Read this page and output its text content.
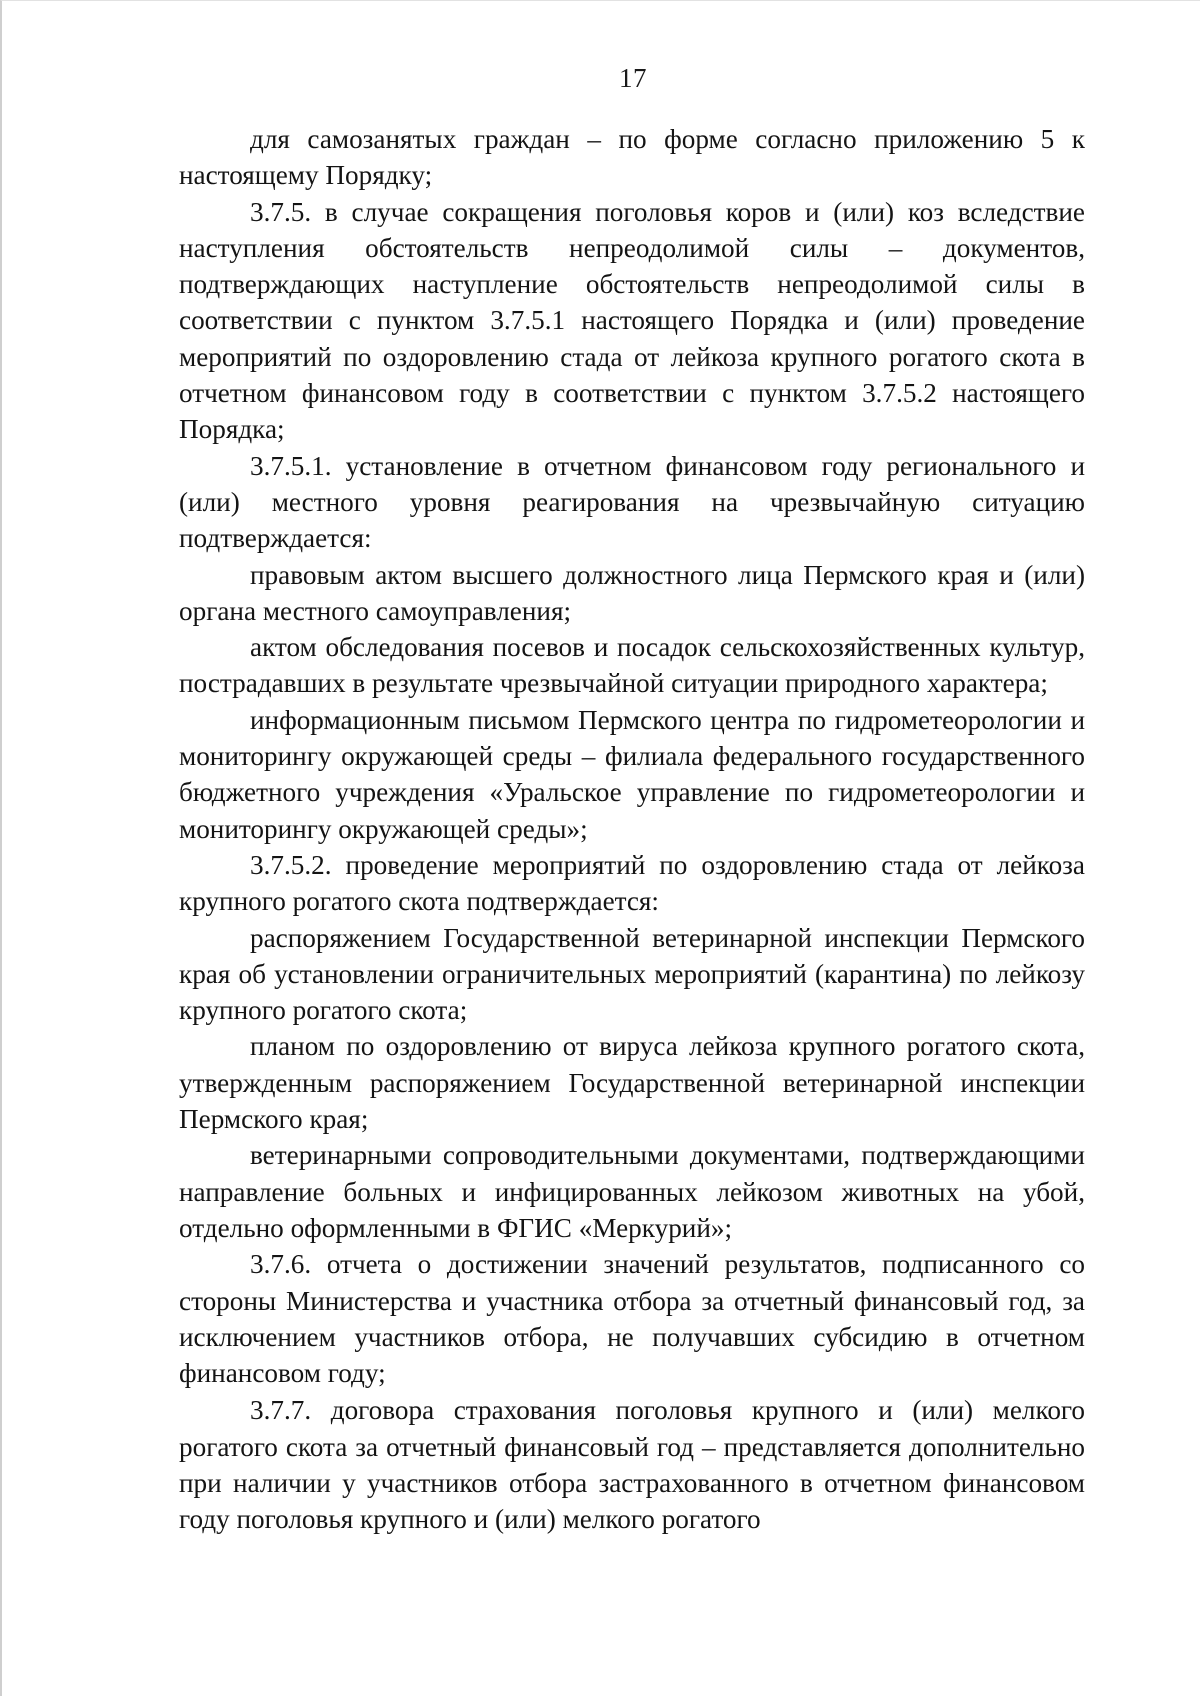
17

для самозанятых граждан – по форме согласно приложению 5 к настоящему Порядку;

3.7.5. в случае сокращения поголовья коров и (или) коз вследствие наступления обстоятельств непреодолимой силы – документов, подтверждающих наступление обстоятельств непреодолимой силы в соответствии с пунктом 3.7.5.1 настоящего Порядка и (или) проведение мероприятий по оздоровлению стада от лейкоза крупного рогатого скота в отчетном финансовом году в соответствии с пунктом 3.7.5.2 настоящего Порядка;

3.7.5.1. установление в отчетном финансовом году регионального и (или) местного уровня реагирования на чрезвычайную ситуацию подтверждается:

правовым актом высшего должностного лица Пермского края и (или) органа местного самоуправления;

актом обследования посевов и посадок сельскохозяйственных культур, пострадавших в результате чрезвычайной ситуации природного характера;

информационным письмом Пермского центра по гидрометеорологии и мониторингу окружающей среды – филиала федерального государственного бюджетного учреждения «Уральское управление по гидрометеорологии и мониторингу окружающей среды»;

3.7.5.2. проведение мероприятий по оздоровлению стада от лейкоза крупного рогатого скота подтверждается:

распоряжением Государственной ветеринарной инспекции Пермского края об установлении ограничительных мероприятий (карантина) по лейкозу крупного рогатого скота;

планом по оздоровлению от вируса лейкоза крупного рогатого скота, утвержденным распоряжением Государственной ветеринарной инспекции Пермского края;

ветеринарными сопроводительными документами, подтверждающими направление больных и инфицированных лейкозом животных на убой, отдельно оформленными в ФГИС «Меркурий»;

3.7.6. отчета о достижении значений результатов, подписанного со стороны Министерства и участника отбора за отчетный финансовый год, за исключением участников отбора, не получавших субсидию в отчетном финансовом году;

3.7.7. договора страхования поголовья крупного и (или) мелкого рогатого скота за отчетный финансовый год – представляется дополнительно при наличии у участников отбора застрахованного в отчетном финансовом году поголовья крупного и (или) мелкого рогатого
